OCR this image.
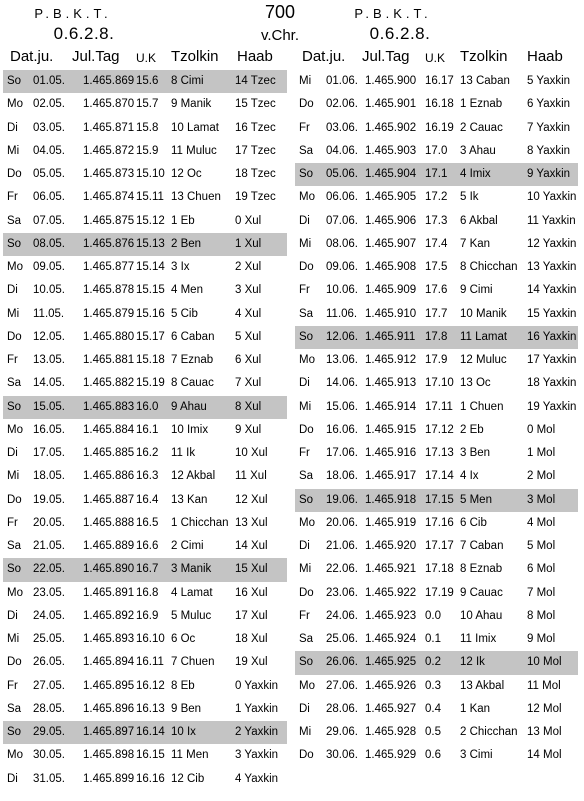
P.B.K.T.
0.6.2.8.
700
v.Chr.
P.B.K.T.
0.6.2.8.
Dat.ju. Jul.Tag U.K Tzolkin Haab Dat.ju. Jul.Tag U.K Tzolkin Haab
So 01.05. 1.465.869 15.6 8 Cimi	14 Tzec
Mo 02.05. 1.465.870 15.7 9 Manik 15 Tzec
Di 03.05. 1.465.871 15.8 10 Lamat 16 Tzec
Mi 04.05. 1.465.872 15.9 11 Muluc 17 Tzec
Do 05.05. 1.465.873 15.10 12 Oc	18 Tzec
Fr 06.05. 1.465.874 15.11 13 Chuen 19 Tzec
Sa 07.05. 1.465.875 15.12 1 Eb	0 Xul
So 08.05. 1.465.876 15.13 2 Ben	1 Xul
Mo 09.05. 1.465.877 15.14 3 Ix	2 Xul
Di 10.05. 1.465.878 15.15 4 Men	3 Xul
Mi 11.05. 1.465.879 15.16 5 Cib	4 Xul
Do 12.05. 1.465.880 15.17 6 Caban 5 Xul
Fr 13.05. 1.465.881 15.18 7 Eznab 6 Xul
Sa 14.05. 1.465.882 15.19 8 Cauac 7 Xul
So 15.05. 1.465.883 16.0 9 Ahau 8 Xul
Mo 16.05. 1.465.884 16.1 10 Imix 9 Xul
Di 17.05. 1.465.885 16.2 11 Ik	10 Xul
Mi 18.05. 1.465.886 16.3 12 Akbal 11 Xul
Do 19.05. 1.465.887 16.4 13 Kan 12 Xul
Fr 20.05. 1.465.888 16.5 1 Chicchan 13 Xul
Sa 21.05. 1.465.889 16.6 2 Cimi	14 Xul
So 22.05. 1.465.890 16.7 3 Manik 15 Xul
Mo 23.05. 1.465.891 16.8 4 Lamat 16 Xul
Di 24.05. 1.465.892 16.9 5 Muluc 17 Xul
Mi 25.05. 1.465.893 16.10 6 Oc	18 Xul
Do 26.05. 1.465.894 16.11 7 Chuen 19 Xul
Fr 27.05. 1.465.895 16.12 8 Eb	0 Yaxkin
Sa 28.05. 1.465.896 16.13 9 Ben	1 Yaxkin
So 29.05. 1.465.897 16.14 10 Ix	2 Yaxkin
Mo 30.05. 1.465.898 16.15 11 Men 3 Yaxkin
Di 31.05. 1.465.899 16.16 12 Cib	4 Yaxkin
Mi 01.06. 1.465.900 16.17 13 Caban 5 Yaxkin
Do 02.06. 1.465.901 16.18 1 Eznab 6 Yaxkin
Fr 03.06. 1.465.902 16.19 2 Cauac 7 Yaxkin
Sa 04.06. 1.465.903 17.0 3 Ahau	8 Yaxkin
So 05.06. 1.465.904 17.1 4 Imix	9 Yaxkin
Mo 06.06. 1.465.905 17.2 5 Ik	10 Yaxkin
Di 07.06. 1.465.906 17.3 6 Akbal	11 Yaxkin
Mi 08.06. 1.465.907 17.4 7 Kan	12 Yaxkin
Do 09.06. 1.465.908 17.5 8 Chicchan 13 Yaxkin
Fr 10.06. 1.465.909 17.6 9 Cimi	14 Yaxkin
Sa 11.06. 1.465.910 17.7 10 Manik 15 Yaxkin
So 12.06. 1.465.911 17.8 11 Lamat 16 Yaxkin
Mo 13.06. 1.465.912 17.9 12 Muluc 17 Yaxkin
Di 14.06. 1.465.913 17.10 13 Oc	18 Yaxkin
Mi 15.06. 1.465.914 17.11 1 Chuen 19 Yaxkin
Do 16.06. 1.465.915 17.12 2 Eb	0 Mol
Fr 17.06. 1.465.916 17.13 3 Ben	1 Mol
Sa 18.06. 1.465.917 17.14 4 Ix	2 Mol
So 19.06. 1.465.918 17.15 5 Men	3 Mol
Mo 20.06. 1.465.919 17.16 6 Cib	4 Mol
Di 21.06. 1.465.920 17.17 7 Caban 5 Mol
Mi 22.06. 1.465.921 17.18 8 Eznab 6 Mol
Do 23.06. 1.465.922 17.19 9 Cauac 7 Mol
Fr 24.06. 1.465.923 0.0 10 Ahau 8 Mol
Sa 25.06. 1.465.924 0.1 11 Imix	9 Mol
So 26.06. 1.465.925 0.2 12 Ik	10 Mol
Mo 27.06. 1.465.926 0.3 13 Akbal 11 Mol
Di 28.06. 1.465.927 0.4 1 Kan	12 Mol
Mi 29.06. 1.465.928 0.5 2 Chicchan 13 Mol
Do 30.06. 1.465.929 0.6 3 Cimi	14 Mol
